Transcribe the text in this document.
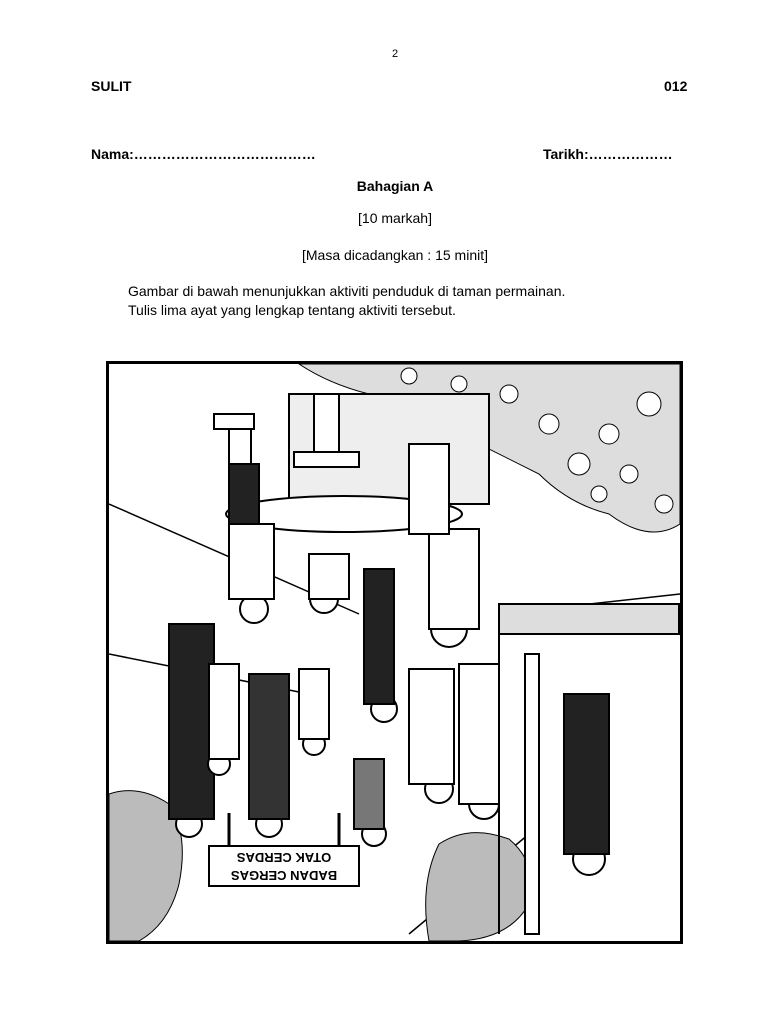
2
SULIT	012
Nama:…………………………………	Tarikh:………………
Bahagian A
[10 markah]
[Masa dicadangkan : 15 minit]
Gambar di bawah menunjukkan aktiviti penduduk di taman permainan.
Tulis lima ayat yang lengkap tentang aktiviti tersebut.
BADAN CERGAS
OTAK CERDAS
